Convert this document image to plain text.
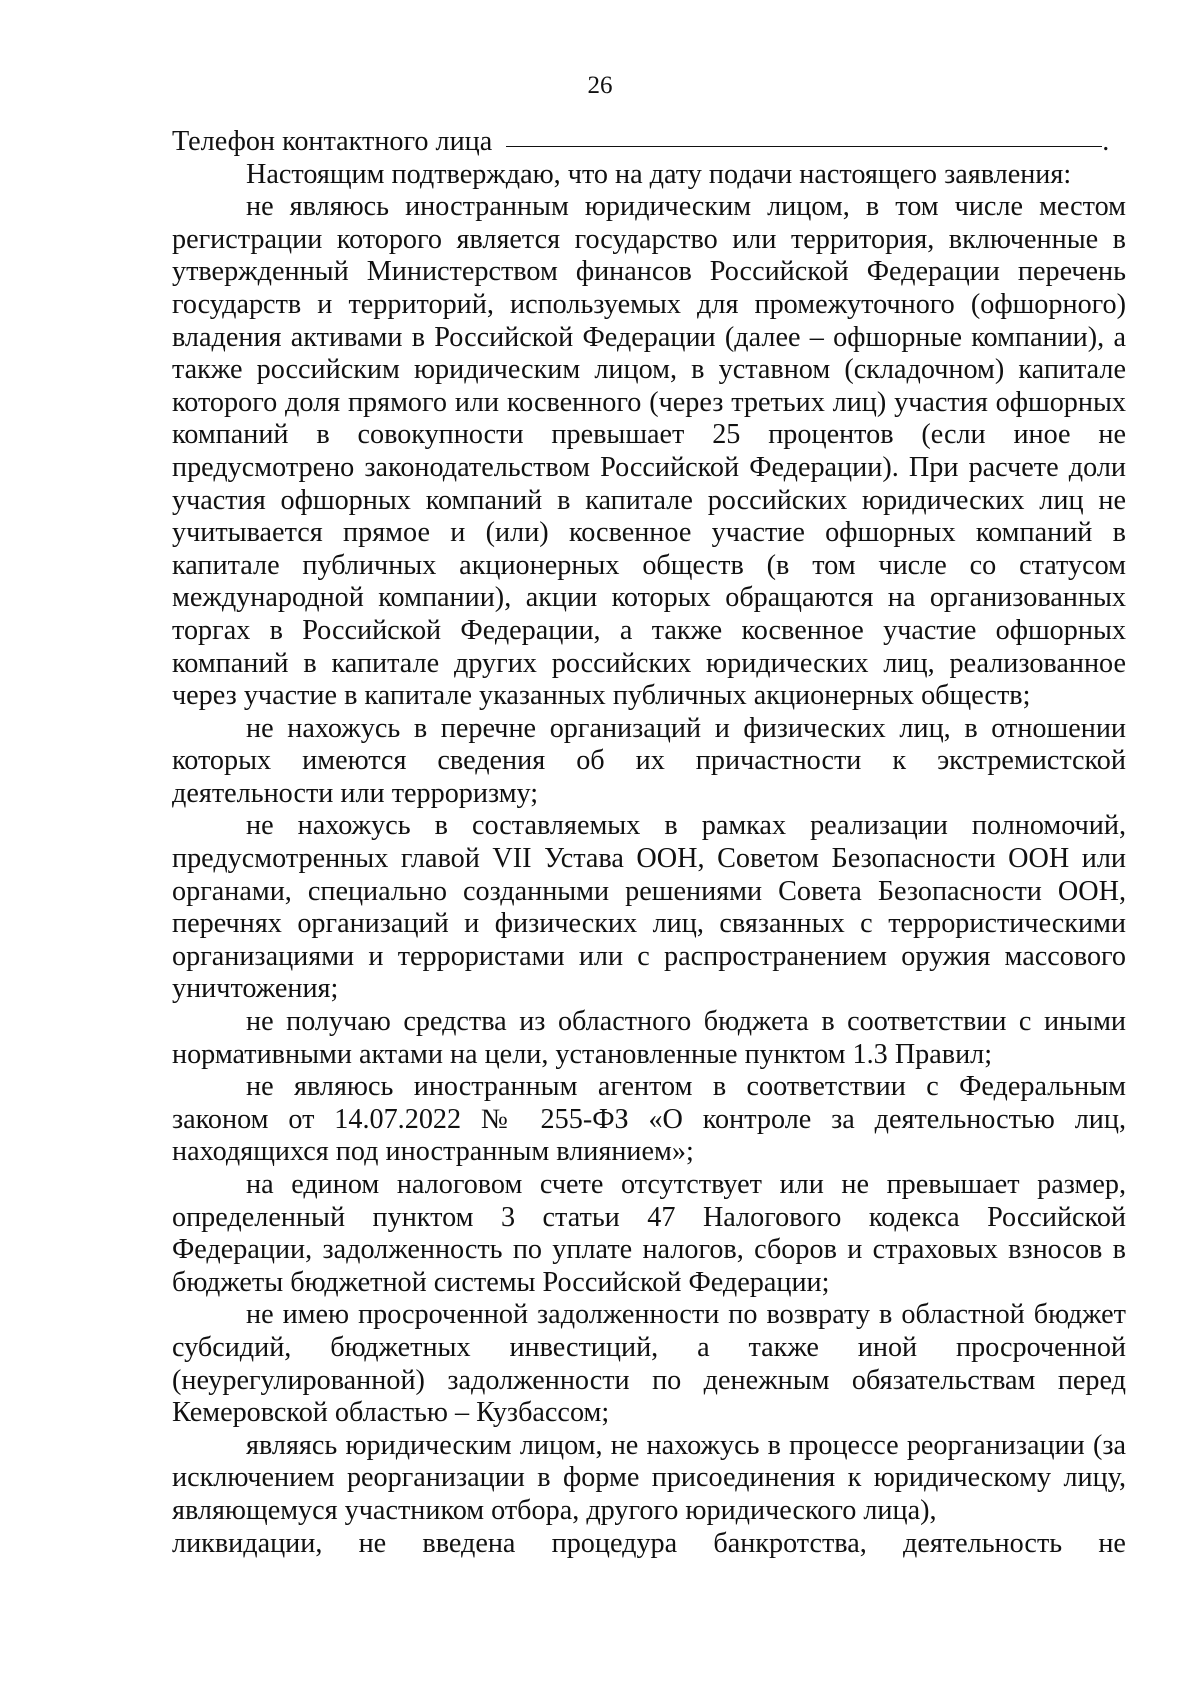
26

Телефон контактного лица	.

Настоящим подтверждаю, что на дату подачи настоящего заявления:

не являюсь иностранным юридическим лицом, в том числе местом регистрации которого является государство или территория, включенные в утвержденный Министерством финансов Российской Федерации перечень государств и территорий, используемых для промежуточного (офшорного) владения активами в Российской Федерации (далее – офшорные компании), а также российским юридическим лицом, в уставном (складочном) капитале которого доля прямого или косвенного (через третьих лиц) участия офшорных компаний в совокупности превышает 25 процентов (если иное не предусмотрено законодательством Российской Федерации). При расчете доли участия офшорных компаний в капитале российских юридических лиц не учитывается прямое и (или) косвенное участие офшорных компаний в капитале публичных акционерных обществ (в том числе со статусом международной компании), акции которых обращаются на организованных торгах в Российской Федерации, а также косвенное участие офшорных компаний в капитале других российских юридических лиц, реализованное через участие в капитале указанных публичных акционерных обществ;

не нахожусь в перечне организаций и физических лиц, в отношении которых имеются сведения об их причастности к экстремистской деятельности или терроризму;

не нахожусь в составляемых в рамках реализации полномочий, предусмотренных главой VII Устава ООН, Советом Безопасности ООН или органами, специально созданными решениями Совета Безопасности ООН, перечнях организаций и физических лиц, связанных с террористическими организациями и террористами или с распространением оружия массового уничтожения;

не получаю средства из областного бюджета в соответствии с иными нормативными актами на цели, установленные пунктом 1.3 Правил;

не являюсь иностранным агентом в соответствии с Федеральным законом от 14.07.2022 № 255-ФЗ «О контроле за деятельностью лиц, находящихся под иностранным влиянием»;

на едином налоговом счете отсутствует или не превышает размер, определенный пунктом 3 статьи 47 Налогового кодекса Российской Федерации, задолженность по уплате налогов, сборов и страховых взносов в бюджеты бюджетной системы Российской Федерации;

не имею просроченной задолженности по возврату в областной бюджет субсидий, бюджетных инвестиций, а также иной просроченной (неурегулированной) задолженности по денежным обязательствам перед Кемеровской областью – Кузбассом;

являясь юридическим лицом, не нахожусь в процессе реорганизации (за исключением реорганизации в форме присоединения к юридическому лицу, являющемуся участником отбора, другого юридического лица),

ликвидации, не введена процедура банкротства, деятельность не
